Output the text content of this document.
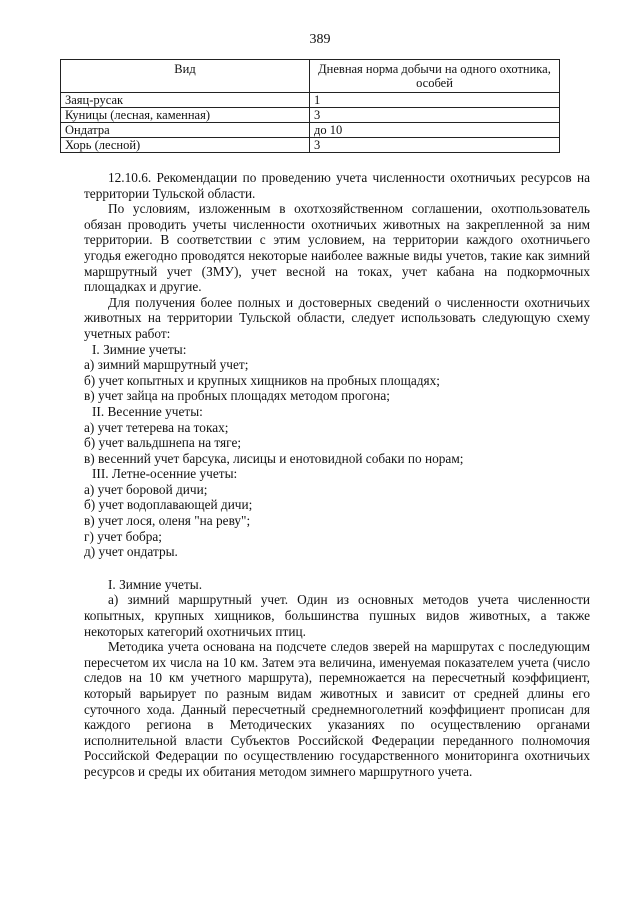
389
Вид	Дневная норма добычи на одного охотника, особей
Заяц-русак	1
Куницы (лесная, каменная)	3
Ондатра	до 10
Хорь (лесной)	3

12.10.6. Рекомендации по проведению учета численности охотничьих ресурсов на территории Тульской области.

По условиям, изложенным в охотхозяйственном соглашении, охотпользователь обязан проводить учеты численности охотничьих животных на закрепленной за ним территории. В соответствии с этим условием, на территории каждого охотничьего угодья ежегодно проводятся некоторые наиболее важные виды учетов, такие как зимний маршрутный учет (ЗМУ), учет весной на токах, учет кабана на подкормочных площадках и другие.

Для получения более полных и достоверных сведений о численности охотничьих животных на территории Тульской области, следует использовать следующую схему учетных работ:

I. Зимние учеты:

а) зимний маршрутный учет;

б) учет копытных и крупных хищников на пробных площадях;

в) учет зайца на пробных площадях методом прогона;

II. Весенние учеты:

а) учет тетерева на токах;

б) учет вальдшнепа на тяге;

в) весенний учет барсука, лисицы и енотовидной собаки по норам;

III. Летне-осенние учеты:

а) учет боровой дичи;

б) учет водоплавающей дичи;

в) учет лося, оленя "на реву";

г) учет бобра;

д) учет ондатры.

I. Зимние учеты.

а) зимний маршрутный учет. Один из основных методов учета численности копытных, крупных хищников, большинства пушных видов животных, а также некоторых категорий охотничьих птиц.

Методика учета основана на подсчете следов зверей на маршрутах с последующим пересчетом их числа на 10 км. Затем эта величина, именуемая показателем учета (число следов на 10 км учетного маршрута), перемножается на пересчетный коэффициент, который варьирует по разным видам животных и зависит от средней длины его суточного хода. Данный пересчетный среднемноголетний коэффициент прописан для каждого региона в Методических указаниях по осуществлению органами исполнительной власти Субъектов Российской Федерации переданного полномочия Российской Федерации по осуществлению государственного мониторинга охотничьих ресурсов и среды их обитания методом зимнего маршрутного учета.
